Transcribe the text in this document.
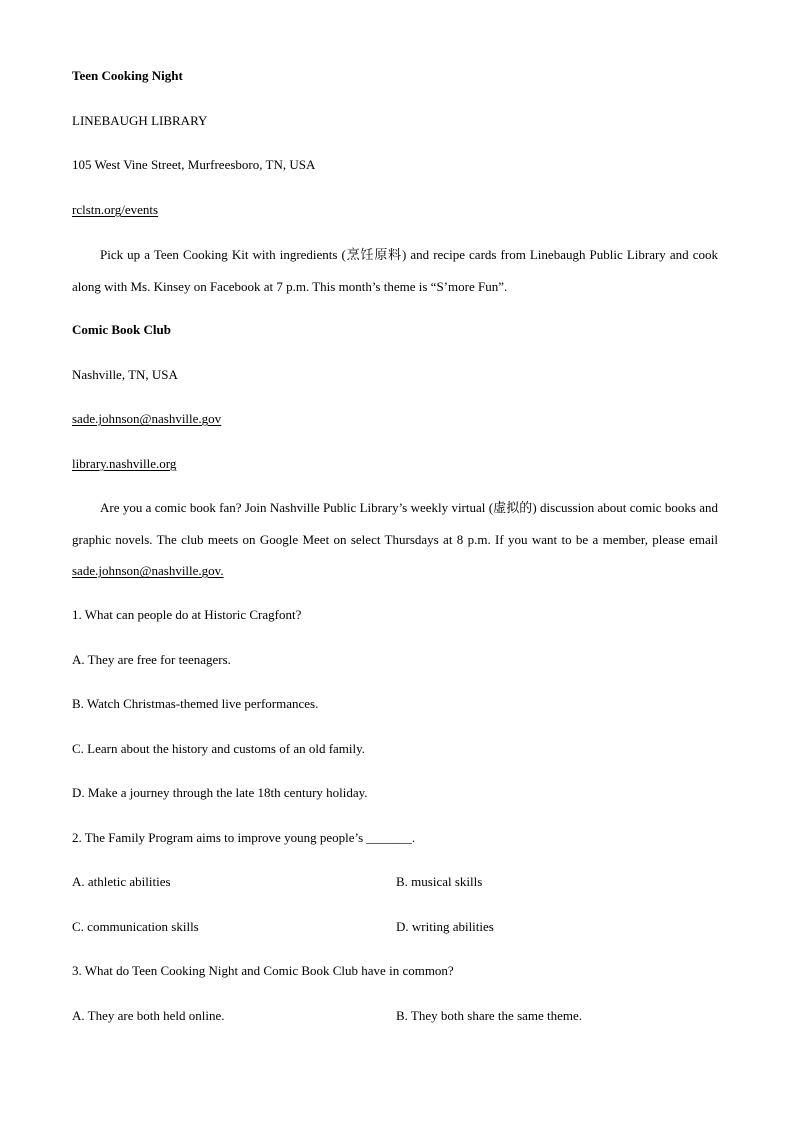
Teen Cooking Night
LINEBAUGH LIBRARY
105 West Vine Street, Murfreesboro, TN, USA
rclstn.org/events
Pick up a Teen Cooking Kit with ingredients (烹饪原料) and recipe cards from Linebaugh Public Library and cook along with Ms. Kinsey on Facebook at 7 p.m. This month’s theme is “S’more Fun”.
Comic Book Club
Nashville, TN, USA
sade.johnson@nashville.gov
library.nashville.org
Are you a comic book fan? Join Nashville Public Library’s weekly virtual (虚拟的) discussion about comic books and graphic novels. The club meets on Google Meet on select Thursdays at 8 p.m. If you want to be a member, please email sade.johnson@nashville.gov.
1. What can people do at Historic Cragfont?
A. They are free for teenagers.
B. Watch Christmas-themed live performances.
C. Learn about the history and customs of an old family.
D. Make a journey through the late 18th century holiday.
2. The Family Program aims to improve young people’s _______.
A. athletic abilities	B. musical skills
C. communication skills	D. writing abilities
3. What do Teen Cooking Night and Comic Book Club have in common?
A. They are both held online.	B. They both share the same theme.
